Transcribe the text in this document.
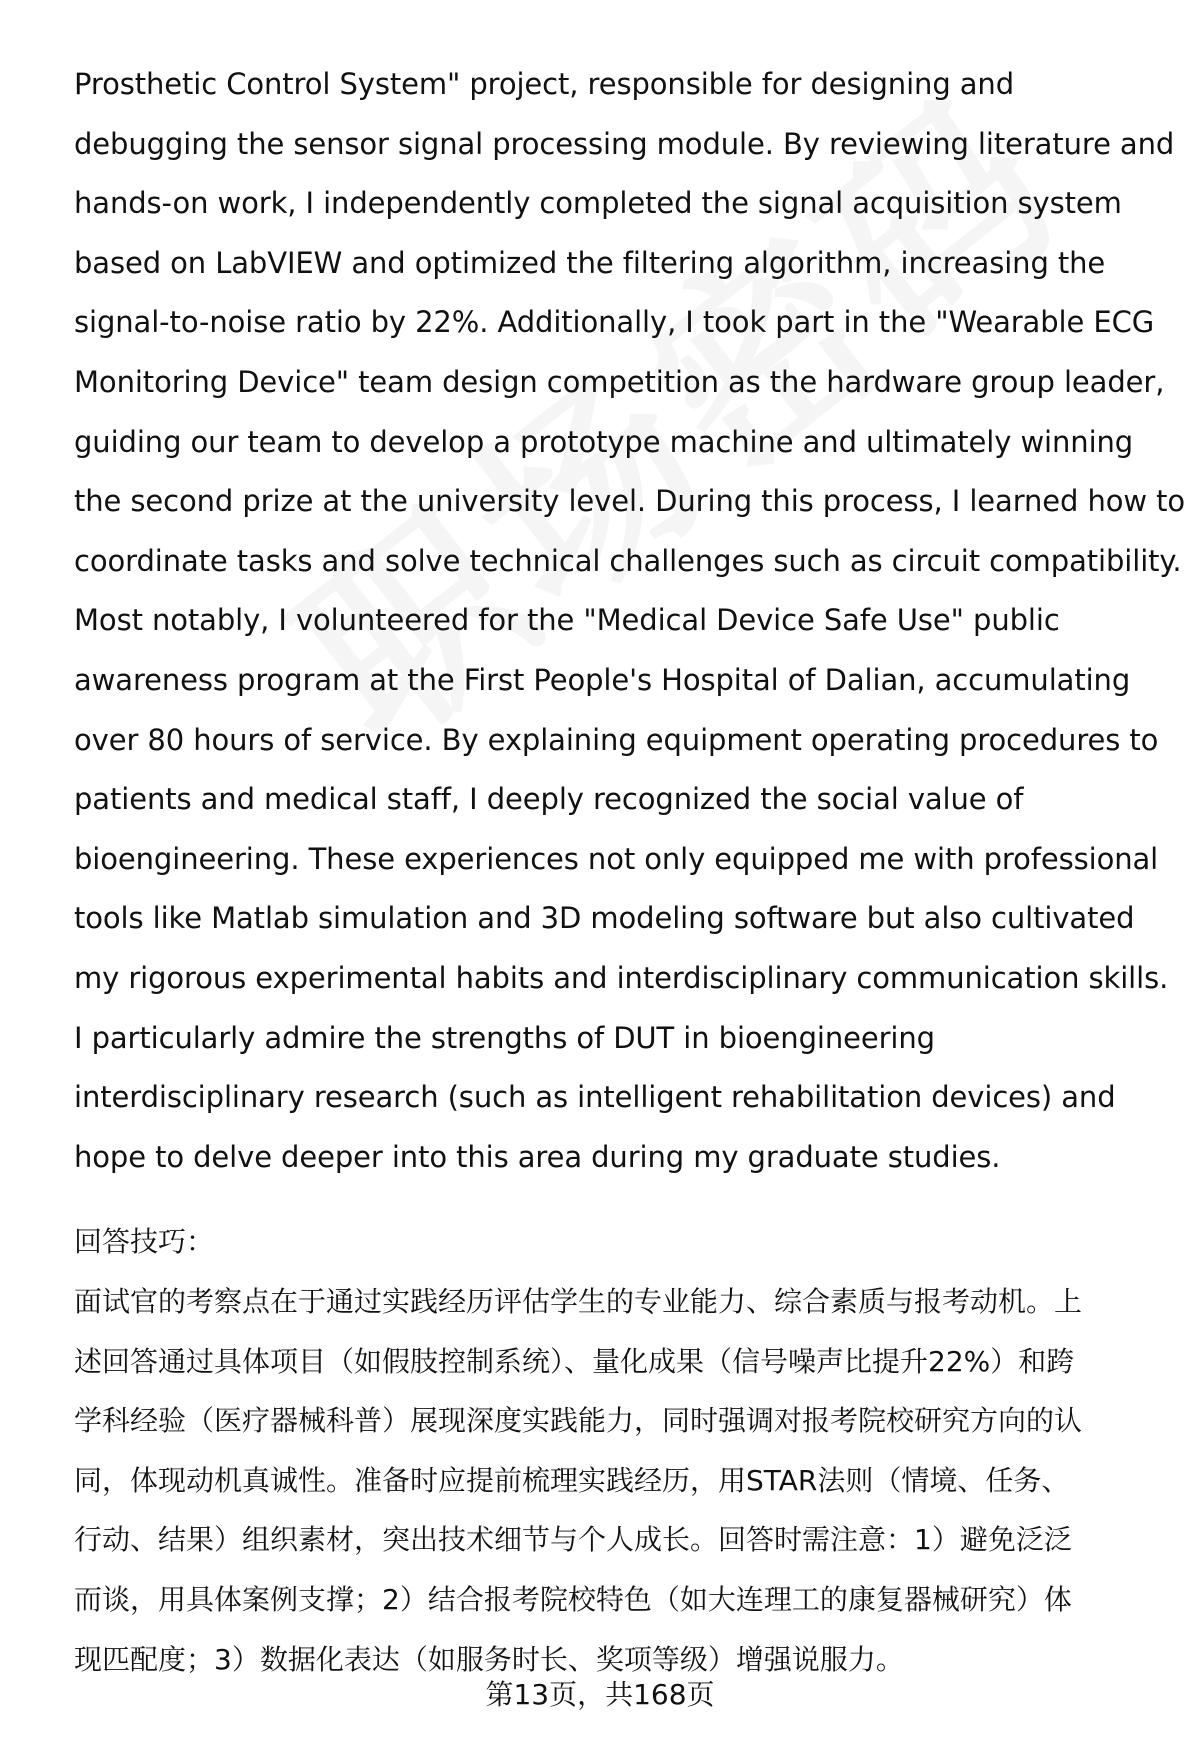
Prosthetic Control System" project, responsible for designing and
debugging the sensor signal processing module. By reviewing literature and
hands-on work, I independently completed the signal acquisition system
based on LabVIEW and optimized the filtering algorithm, increasing the
signal-to-noise ratio by 22%. Additionally, I took part in the "Wearable ECG
Monitoring Device" team design competition as the hardware group leader,
guiding our team to develop a prototype machine and ultimately winning
the second prize at the university level. During this process, I learned how to
coordinate tasks and solve technical challenges such as circuit compatibility.
Most notably, I volunteered for the "Medical Device Safe Use" public
awareness program at the First People's Hospital of Dalian, accumulating
over 80 hours of service. By explaining equipment operating procedures to
patients and medical staff, I deeply recognized the social value of
bioengineering. These experiences not only equipped me with professional
tools like Matlab simulation and 3D modeling software but also cultivated
my rigorous experimental habits and interdisciplinary communication skills.
I particularly admire the strengths of DUT in bioengineering
interdisciplinary research (such as intelligent rehabilitation devices) and
hope to delve deeper into this area during my graduate studies.
回答技巧：
面试官的考察点在于通过实践经历评估学生的专业能力、综合素质与报考动机。上
述回答通过具体项目（如假肢控制系统）、量化成果（信号噪声比提升22%）和跨
学科经验（医疗器械科普）展现深度实践能力，同时强调对报考院校研究方向的认
同，体现动机真诚性。准备时应提前梳理实践经历，用STAR法则（情境、任务、
行动、结果）组织素材，突出技术细节与个人成长。回答时需注意：1）避免泛泛
而谈，用具体案例支撑；2）结合报考院校特色（如大连理工的康复器械研究）体
现匹配度；3）数据化表达（如服务时长、奖项等级）增强说服力。
第13页，共168页
